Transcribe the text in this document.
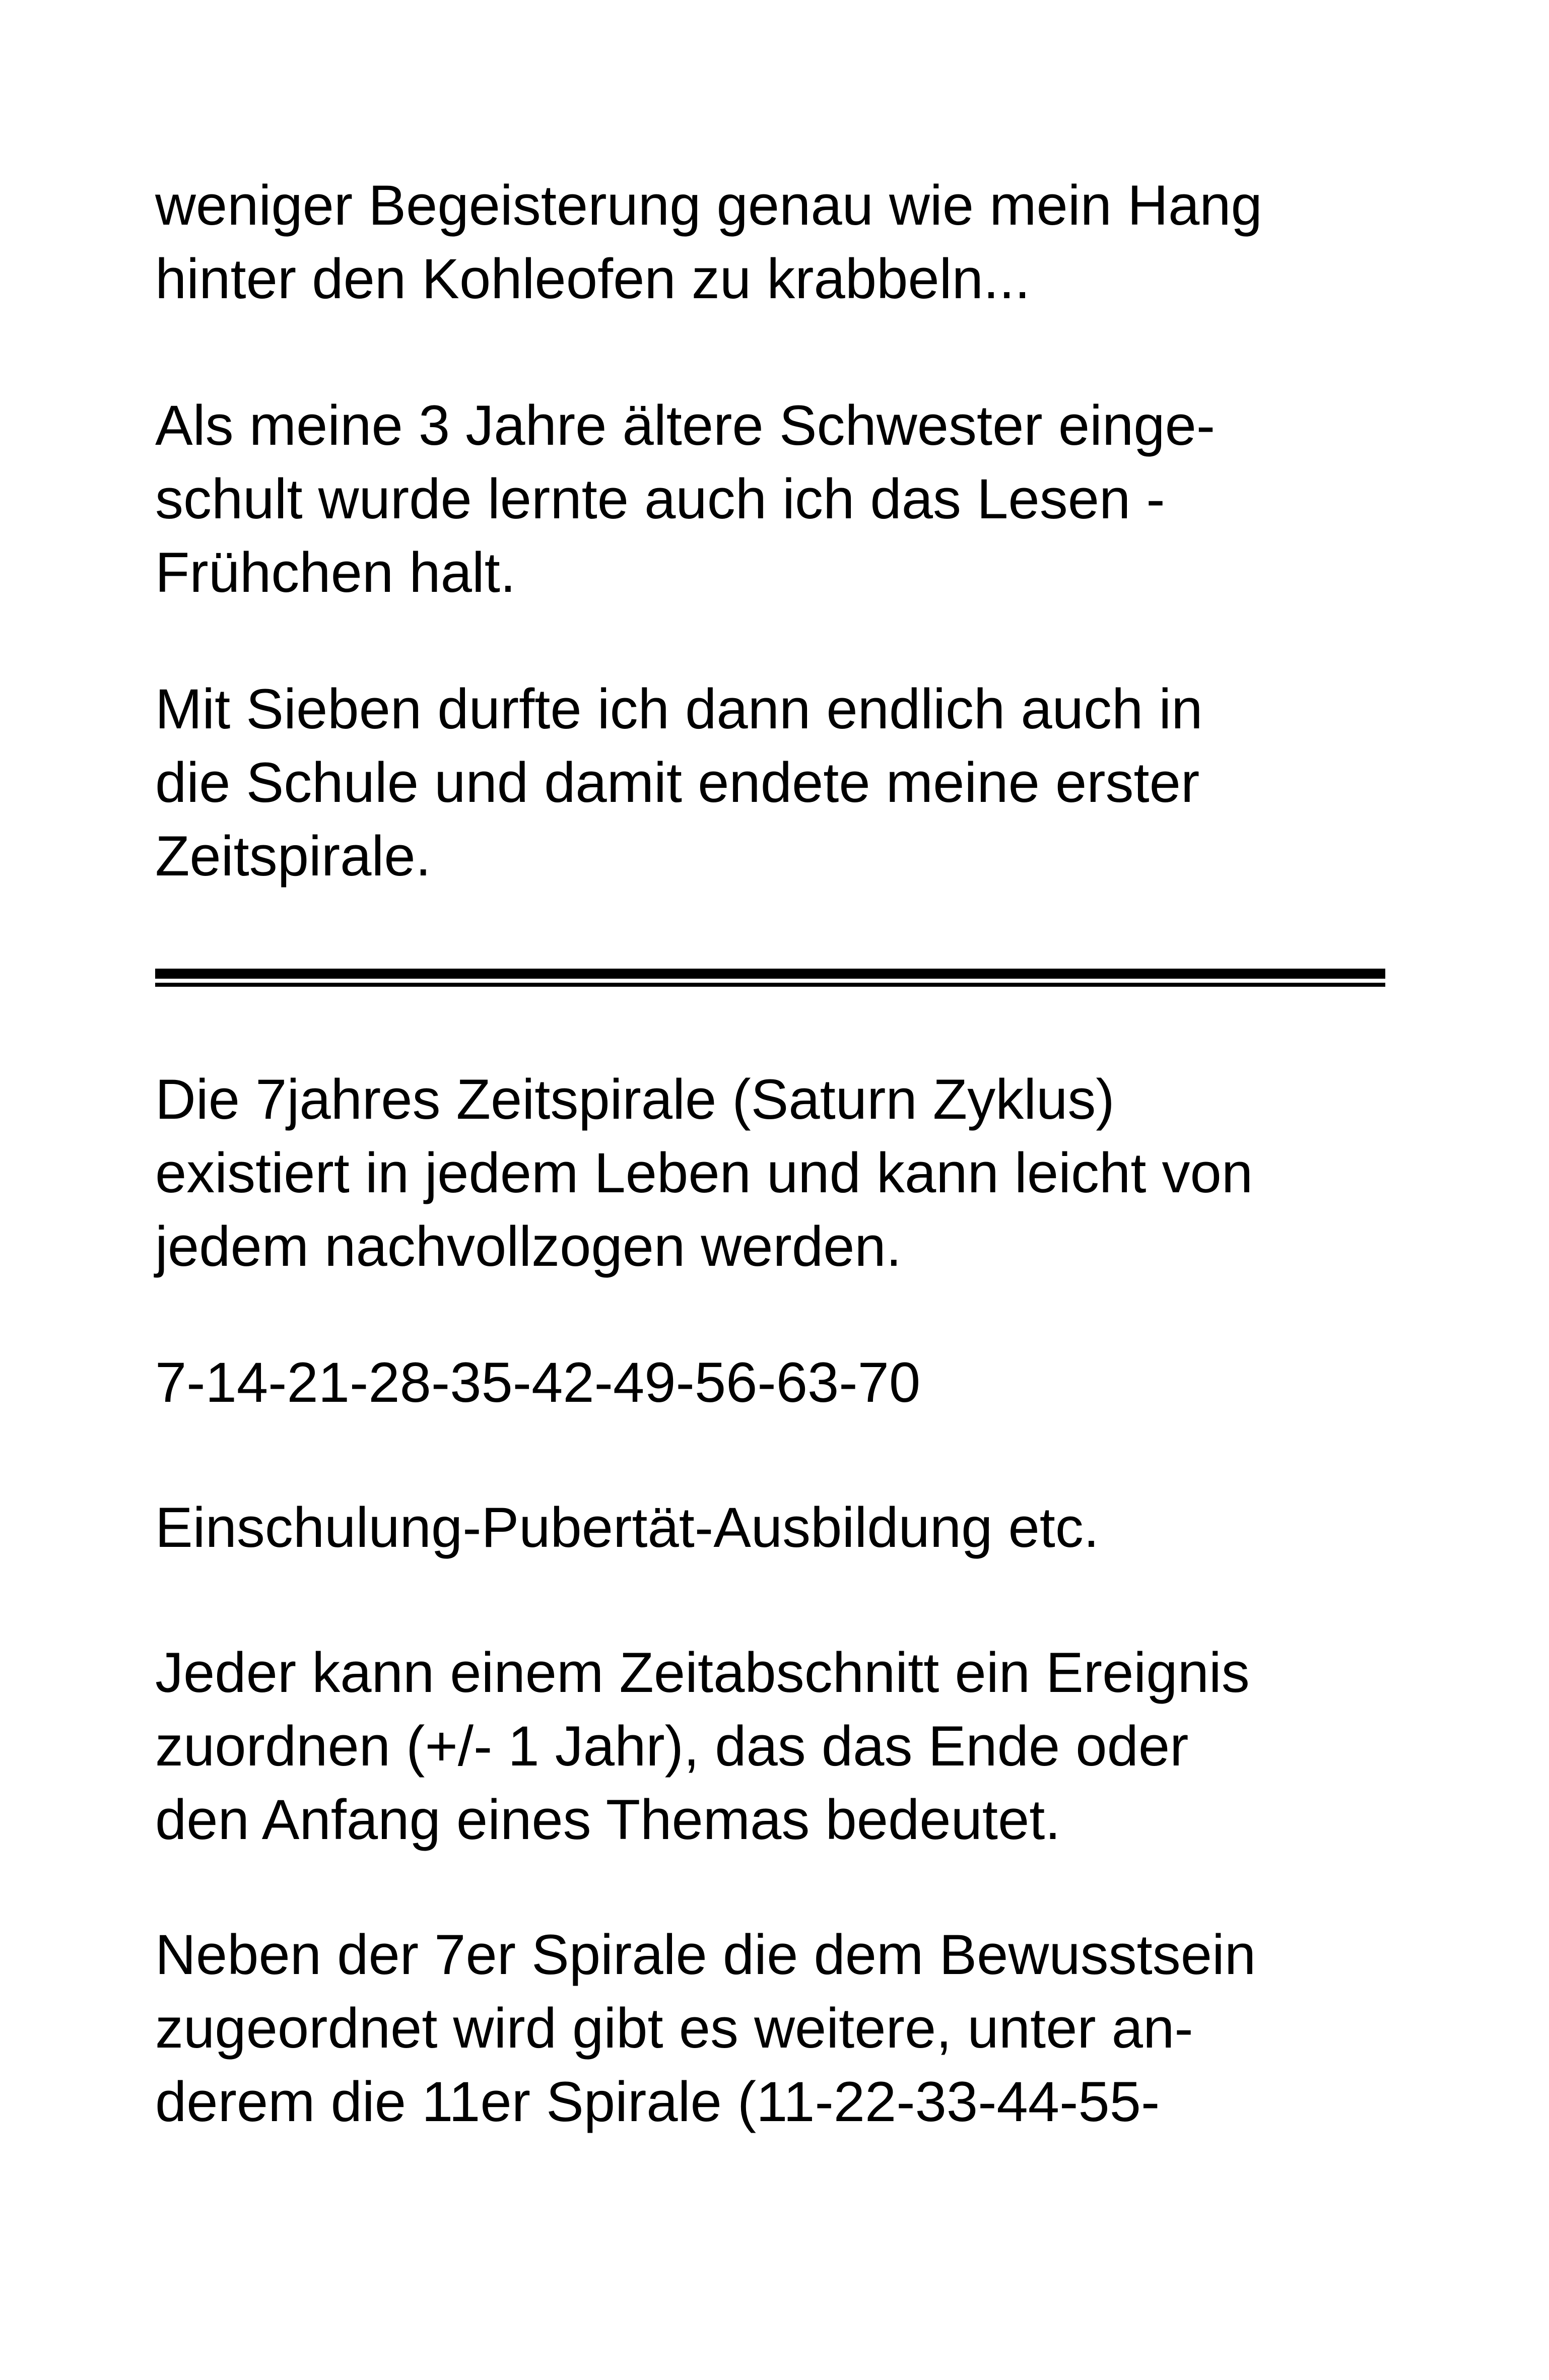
weniger Begeisterung genau wie mein Hang
hinter den Kohleofen zu krabbeln...

Als meine 3 Jahre ältere Schwester einge-
schult wurde lernte auch ich das Lesen -
Frühchen halt.

Mit Sieben durfte ich dann endlich auch in
die Schule und damit endete meine erster
Zeitspirale.

Die 7jahres Zeitspirale (Saturn Zyklus)
existiert in jedem Leben und kann leicht von
jedem nachvollzogen werden.

7-14-21-28-35-42-49-56-63-70

Einschulung-Pubertät-Ausbildung etc.

Jeder kann einem Zeitabschnitt ein Ereignis
zuordnen (+/- 1 Jahr), das das Ende oder
den Anfang eines Themas bedeutet.

Neben der 7er Spirale die dem Bewusstsein
zugeordnet wird gibt es weitere, unter an-
derem die 11er Spirale (11-22-33-44-55-
